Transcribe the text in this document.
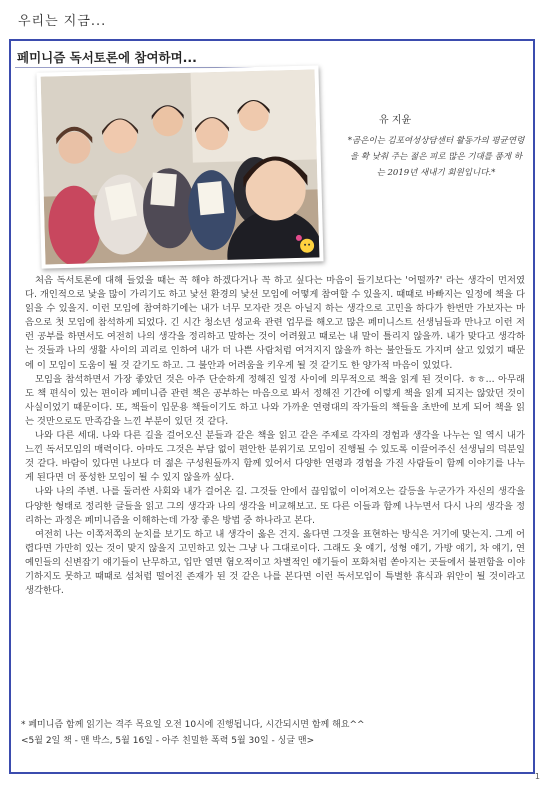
우리는 지금...
페미니즘 독서토론에 참여하며...
유 지윤
*곰은이는 김포여성상담센터 활동가의 평균연령을 확 낮춰 주는 젊은 피로 많은 기대를 품게 하는 2019년 새내기 회원입니다.*

처음 독서토론에 대해 들었을 때는 꼭 해야 하겠다거나 꼭 하고 싶다는 마음이 들기보다는 '어떨까?' 라는 생각이 먼저였다. 개인적으로 낯을 많이 가리기도 하고 낯선 환경의 낯선 모임에 어떻게 참여할 수 있을지. 때때로 바빠지는 일정에 책을 다 읽을 수 있을지. 이런 모임에 참여하기에는 내가 너무 모자란 것은 아닐지 하는 생각으로 고민을 하다가 한번만 가보자는 마음으로 첫 모임에 참석하게 되었다. 긴 시간 청소년 성교육 관련 업무를 해오고 많은 페미니스트 선생님들과 만나고 이런 저런 공부를 하면서도 여전히 나의 생각을 정리하고 말하는 것이 어려웠고 때로는 내 말이 틀리지 않을까. 내가 맞다고 생각하는 것들과 나의 생활 사이의 괴리로 인하여 내가 더 나쁜 사람처럼 여겨지지 않을까 하는 불안들도 가지며 살고 있었기 때문에 이 모임이 도움이 될 것 같기도 하고. 그 불안과 어려움을 키우게 될 것 같기도 한 양가적 마음이 있었다.

모임을 참석하면서 가장 좋았던 것은 아주 단순하게 정해진 일정 사이에 의무적으로 책을 읽게 된 것이다. ㅎㅎ... 아무래도 책 편식이 있는 편이라 페미니즘 관련 책은 공부하는 마음으로 봐서 정해진 기간에 이렇게 책을 읽게 되지는 않았던 것이 사실이었기 때문이다. 또, 책들이 입문용 책들이기도 하고 나와 가까운 연령대의 작가들의 책들을 초반에 보게 되어 책을 읽는 것만으로도 만족감을 느낀 부분이 있던 것 같다.

나와 다른 세대. 나와 다른 길을 걸어오신 분들과 같은 책을 읽고 같은 주제로 각자의 경험과 생각을 나누는 일 역시 내가 느낀 독서모임의 매력이다. 아마도 그것은 부담 없이 편안한 분위기로 모임이 진행될 수 있도록 이끌어주신 선생님의 덕분일 것 같다. 바람이 있다면 나보다 더 젊은 구성원들까지 함께 있어서 다양한 연령과 경험을 가진 사람들이 함께 이야기를 나누게 된다면 더 풍성한 모임이 될 수 있지 않을까 싶다.

나와 나의 주변. 나를 둘러싼 사회와 내가 걸어온 길. 그것들 안에서 끊임없이 이어져오는 갈등을 누군가가 자신의 생각을 다양한 형태로 정리한 글들을 읽고 그의 생각과 나의 생각을 비교해보고. 또 다른 이들과 함께 나누면서 다시 나의 생각을 정리하는 과정은 페미니즘을 이해하는데 가장 좋은 방법 중 하나라고 본다.

여전히 나는 이쪽저쪽의 눈치를 보기도 하고 내 생각이 옳은 건지. 옳다면 그것을 표현하는 방식은 거기에 맞는지. 그게 어렵다면 가만히 있는 것이 맞지 않을지 고민하고 있는 그냥 나 그대로이다. 그래도 옷 얘기, 성형 얘기, 가방 얘기, 차 얘기, 연예인들의 신변잡기 얘기들이 난무하고, 입만 열면 혐오적이고 차별적인 얘기들이 포화처럼 쏟아지는 곳들에서 불편함을 이야기하지도 못하고 때때로 섬처럼 떨어진 존재가 된 것 같은 나를 본다면 이런 독서모임이 특별한 휴식과 위안이 될 것이라고 생각한다.

* 페미니즘 함께 읽기는 격주 목요일 오전 10시에 진행됩니다, 시간되시면 함께 해요^^
<5월 2일 책 - 맨 박스, 5월 16일 - 아주 친밀한 폭력 5월 30일 - 싱글 맨>
1
